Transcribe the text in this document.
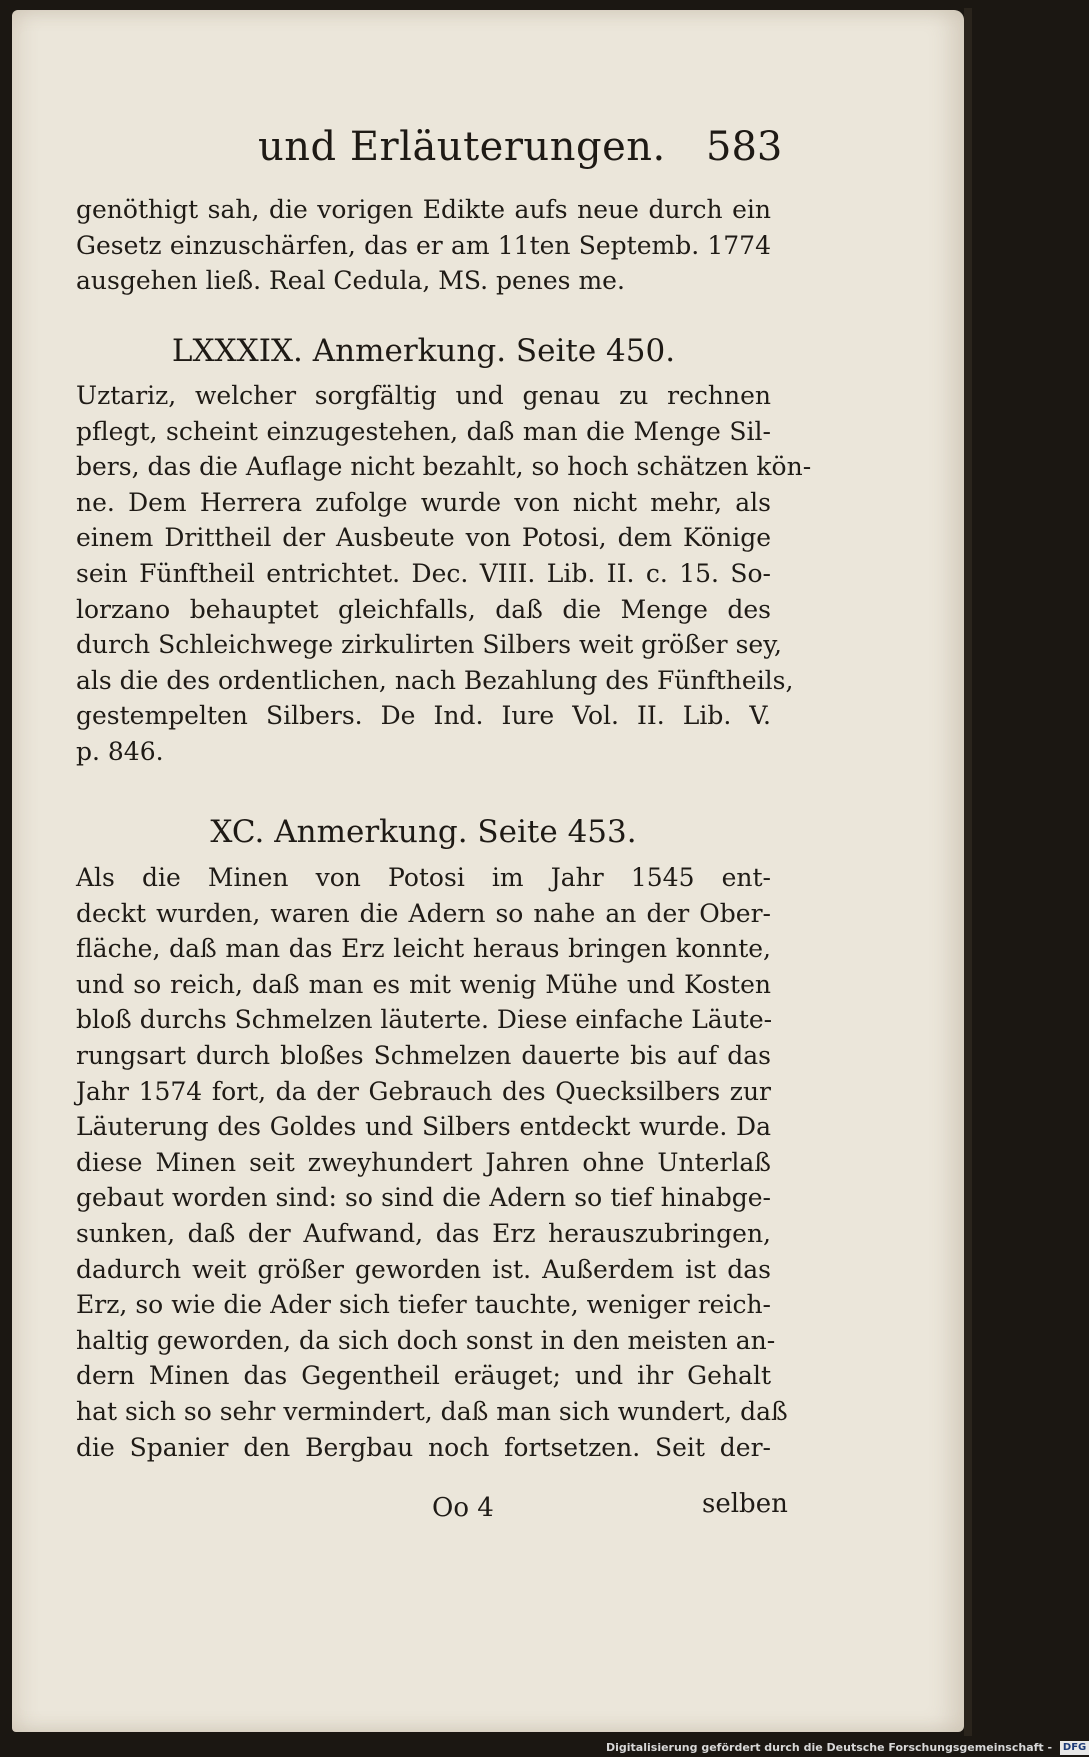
und Erläuterungen. 583
genöthigt sah, die vorigen Edikte aufs neue durch ein
Gesetz einzuschärfen, das er am 11ten Septemb. 1774
ausgehen ließ. Real Cedula, MS. penes me.
LXXXIX. Anmerkung. Seite 450.
Uztariz, welcher sorgfältig und genau zu rechnen
pflegt, scheint einzugestehen, daß man die Menge Sil-
bers, das die Auflage nicht bezahlt, so hoch schätzen kön-
ne. Dem Herrera zufolge wurde von nicht mehr, als
einem Drittheil der Ausbeute von Potosi, dem Könige
sein Fünftheil entrichtet. Dec. VIII. Lib. II. c. 15. So-
lorzano behauptet gleichfalls, daß die Menge des
durch Schleichwege zirkulirten Silbers weit größer sey,
als die des ordentlichen, nach Bezahlung des Fünftheils,
gestempelten Silbers. De Ind. Iure Vol. II. Lib. V.
p. 846.
XC. Anmerkung. Seite 453.
Als die Minen von Potosi im Jahr 1545 ent-
deckt wurden, waren die Adern so nahe an der Ober-
fläche, daß man das Erz leicht heraus bringen konnte,
und so reich, daß man es mit wenig Mühe und Kosten
bloß durchs Schmelzen läuterte. Diese einfache Läute-
rungsart durch bloßes Schmelzen dauerte bis auf das
Jahr 1574 fort, da der Gebrauch des Quecksilbers zur
Läuterung des Goldes und Silbers entdeckt wurde. Da
diese Minen seit zweyhundert Jahren ohne Unterlaß
gebaut worden sind: so sind die Adern so tief hinabge-
sunken, daß der Aufwand, das Erz herauszubringen,
dadurch weit größer geworden ist. Außerdem ist das
Erz, so wie die Ader sich tiefer tauchte, weniger reich-
haltig geworden, da sich doch sonst in den meisten an-
dern Minen das Gegentheil eräuget; und ihr Gehalt
hat sich so sehr vermindert, daß man sich wundert, daß
die Spanier den Bergbau noch fortsetzen. Seit der-
Oo 4	selben
Digitalisierung gefördert durch die Deutsche Forschungsgemeinschaft - DFG
